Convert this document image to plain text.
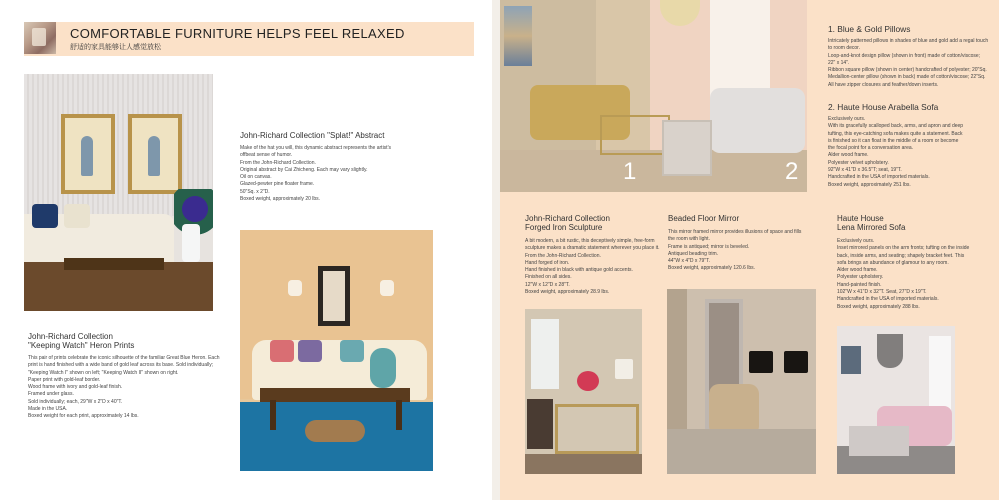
COMFORTABLE FURNITURE HELPS FEEL RELAXED
舒适的家具能够让人感觉放松
John-Richard Collection "Splat!" Abstract
Make of the hat you will, this dynamic abstract represents the artist's
offbeat sense of humor.
From the John-Richard Collection.
Original abstract by Cai Zhicheng. Each may vary slightly.
Oil on canvas.
Glazed-pewter pine floater frame.
50"Sq. x 2"D.
Boxed weight, approximately 20 lbs.
John-Richard Collection
"Keeping Watch" Heron Prints
This pair of prints celebrate the iconic silhouette of the familiar Great Blue Heron. Each
print is hand finished with a wide band of gold leaf across its base. Sold individually;
"Keeping Watch I" shown on left; "Keeping Watch II" shown on right.
Paper print with gold-leaf border.
Wood frame with ivory and gold-leaf finish.
Framed under glass.
Sold individually; each, 29"W x 2"D x 40"T.
Made in the USA.
Boxed weight for each print, approximately 14 lbs.
1	2
1. Blue & Gold Pillows
Intricately patterned pillows in shades of blue and gold add a regal touch
to room decor.
Loop-and-knot design pillow (shown in front) made of cotton/viscose;
22" x 14".
Ribbon square pillow (shown in center) handcrafted of polyester; 20"Sq.
Medallion-center pillow (shown in back) made of cotton/viscose; 22"Sq.
All have zipper closures and feather/down inserts.
2. Haute House Arabella Sofa
Exclusively ours.
With its gracefully scalloped back, arms, and apron and deep
tufting, this eye-catching sofa makes quite a statement. Back
is finished so it can float in the middle of a room or become
the focal point for a conversation area.
Alder wood frame.
Polyester velvet upholstery.
92"W x 41"D x 36.5"T; seat, 19"T.
Handcrafted in the USA of imported materials.
Boxed weight, approximately 251 lbs.
John-Richard Collection
Forged Iron Sculpture
A bit modern, a bit rustic, this deceptively simple, free-form
sculpture makes a dramatic statement wherever you place it.
From the John-Richard Collection.
Hand forged of iron.
Hand finished in black with antique gold accents.
Finished on all sides.
12"W x 12"D x 28"T.
Boxed weight, approximately 28.9 lbs.
Beaded Floor Mirror
This mirror framed mirror provides illusions of space and fills
the room with light.
Frame is antiqued; mirror is beveled.
Antiqued beading trim.
44"W x 4"D x 79"T.
Boxed weight, approximately 120.6 lbs.
Haute House
Lena Mirrored Sofa
Exclusively ours.
Inset mirrored panels on the arm fronts; tufting on the inside
back, inside arms, and seating; shapely bracket feet. This
sofa brings an abundance of glamour to any room.
Alder wood frame.
Polyester upholstery.
Hand-painted finish.
102"W x 41"D x 32"T. Seat, 27"D x 19"T.
Handcrafted in the USA of imported materials.
Boxed weight, approximately 288 lbs.
